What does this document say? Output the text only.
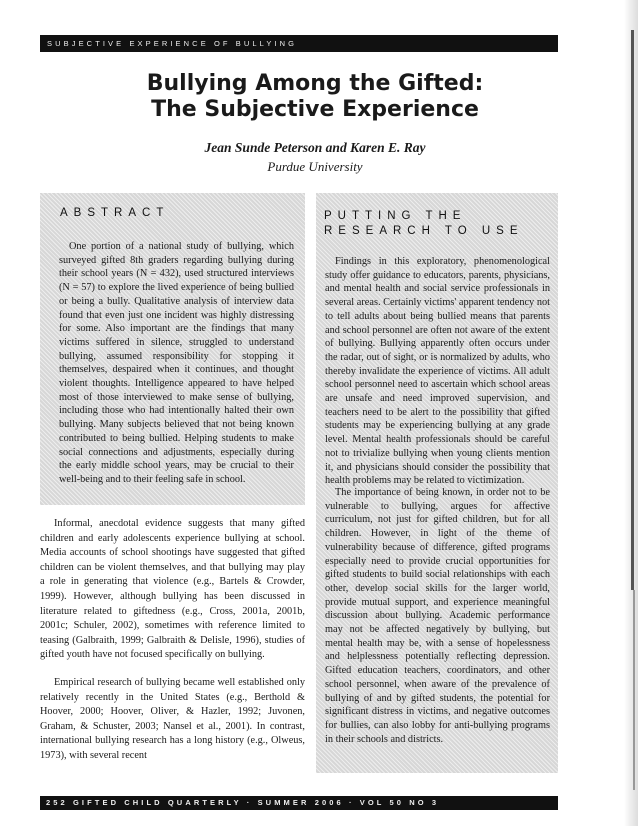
SUBJECTIVE EXPERIENCE OF BULLYING
Bullying Among the Gifted:
The Subjective Experience
Jean Sunde Peterson and Karen E. Ray
Purdue University
ABSTRACT

One portion of a national study of bullying, which surveyed gifted 8th graders regarding bullying during their school years (N = 432), used structured interviews (N = 57) to explore the lived experience of being bullied or being a bully. Qualitative analysis of interview data found that even just one incident was highly distressing for some. Also important are the findings that many victims suffered in silence, struggled to understand bullying, assumed responsibility for stopping it themselves, despaired when it continues, and thought violent thoughts. Intelligence appeared to have helped most of those interviewed to make sense of bullying, including those who had intentionally halted their own bullying. Many subjects believed that not being known contributed to being bullied. Helping students to make social connections and adjustments, especially during the early middle school years, may be crucial to their well-being and to their feeling safe in school.

PUTTING THE RESEARCH TO USE

Findings in this exploratory, phenomenological study offer guidance to educators, parents, physicians, and mental health and social service professionals in several areas. Certainly victims' apparent tendency not to tell adults about being bullied means that parents and school personnel are often not aware of the extent of bullying. Bullying apparently often occurs under the radar, out of sight, or is normalized by adults, who thereby invalidate the experience of victims. All adult school personnel need to ascertain which school areas are unsafe and need improved supervision, and teachers need to be alert to the possibility that gifted students may be experiencing bullying at any grade level. Mental health professionals should be careful not to trivialize bullying when young clients mention it, and physicians should consider the possibility that health problems may be related to victimization.

The importance of being known, in order not to be vulnerable to bullying, argues for affective curriculum, not just for gifted children, but for all children. However, in light of the theme of vulnerability because of difference, gifted programs especially need to provide crucial opportunities for gifted students to build social relationships with each other, develop social skills for the larger world, provide mutual support, and experience meaningful discussion about bullying. Academic performance may not be affected negatively by bullying, but mental health may be, with a sense of hopelessness and helplessness potentially reflecting depression. Gifted education teachers, coordinators, and other school personnel, when aware of the prevalence of bullying of and by gifted students, the potential for significant distress in victims, and negative outcomes for bullies, can also lobby for anti-bullying programs in their schools and districts.

Informal, anecdotal evidence suggests that many gifted children and early adolescents experience bullying at school. Media accounts of school shootings have suggested that gifted children can be violent themselves, and that bullying may play a role in generating that violence (e.g., Bartels & Crowder, 1999). However, although bullying has been discussed in literature related to giftedness (e.g., Cross, 2001a, 2001b, 2001c; Schuler, 2002), sometimes with reference limited to teasing (Galbraith, 1999; Galbraith & Delisle, 1996), studies of gifted youth have not focused specifically on bullying.

Empirical research of bullying became well established only relatively recently in the United States (e.g., Berthold & Hoover, 2000; Hoover, Oliver, & Hazler, 1992; Juvonen, Graham, & Schuster, 2003; Nansel et al., 2001). In contrast, international bullying research has a long history (e.g., Olweus, 1973), with several recent

252 GIFTED CHILD QUARTERLY · SUMMER 2006 · VOL 50 NO 3
